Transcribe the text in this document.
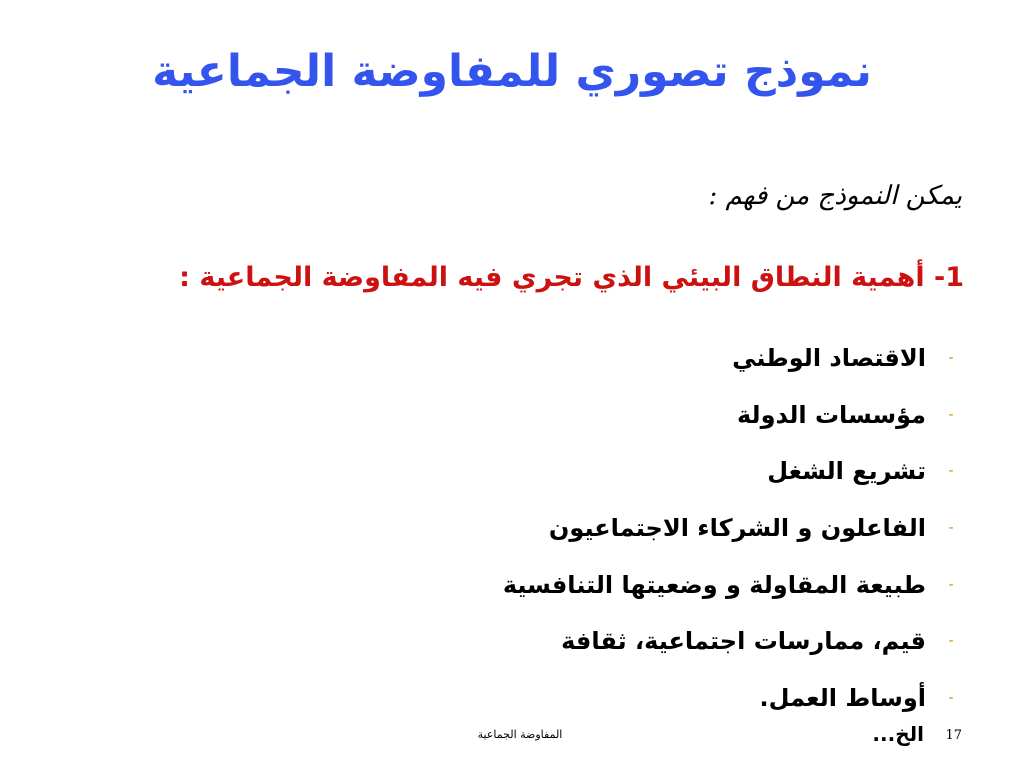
نموذج تصوري للمفاوضة الجماعية
يمكن النموذج من فهم :
1- أهمية النطاق البيئي الذي تجري فيه المفاوضة الجماعية :
-
الاقتصاد الوطني
-
مؤسسات الدولة
-
تشريع الشغل
-
الفاعلون و الشركاء الاجتماعيون
-
طبيعة المقاولة و وضعيتها التنافسية
-
قيم، ممارسات اجتماعية، ثقافة
-
أوساط العمل.
الخ...
المفاوضة الجماعية	17
